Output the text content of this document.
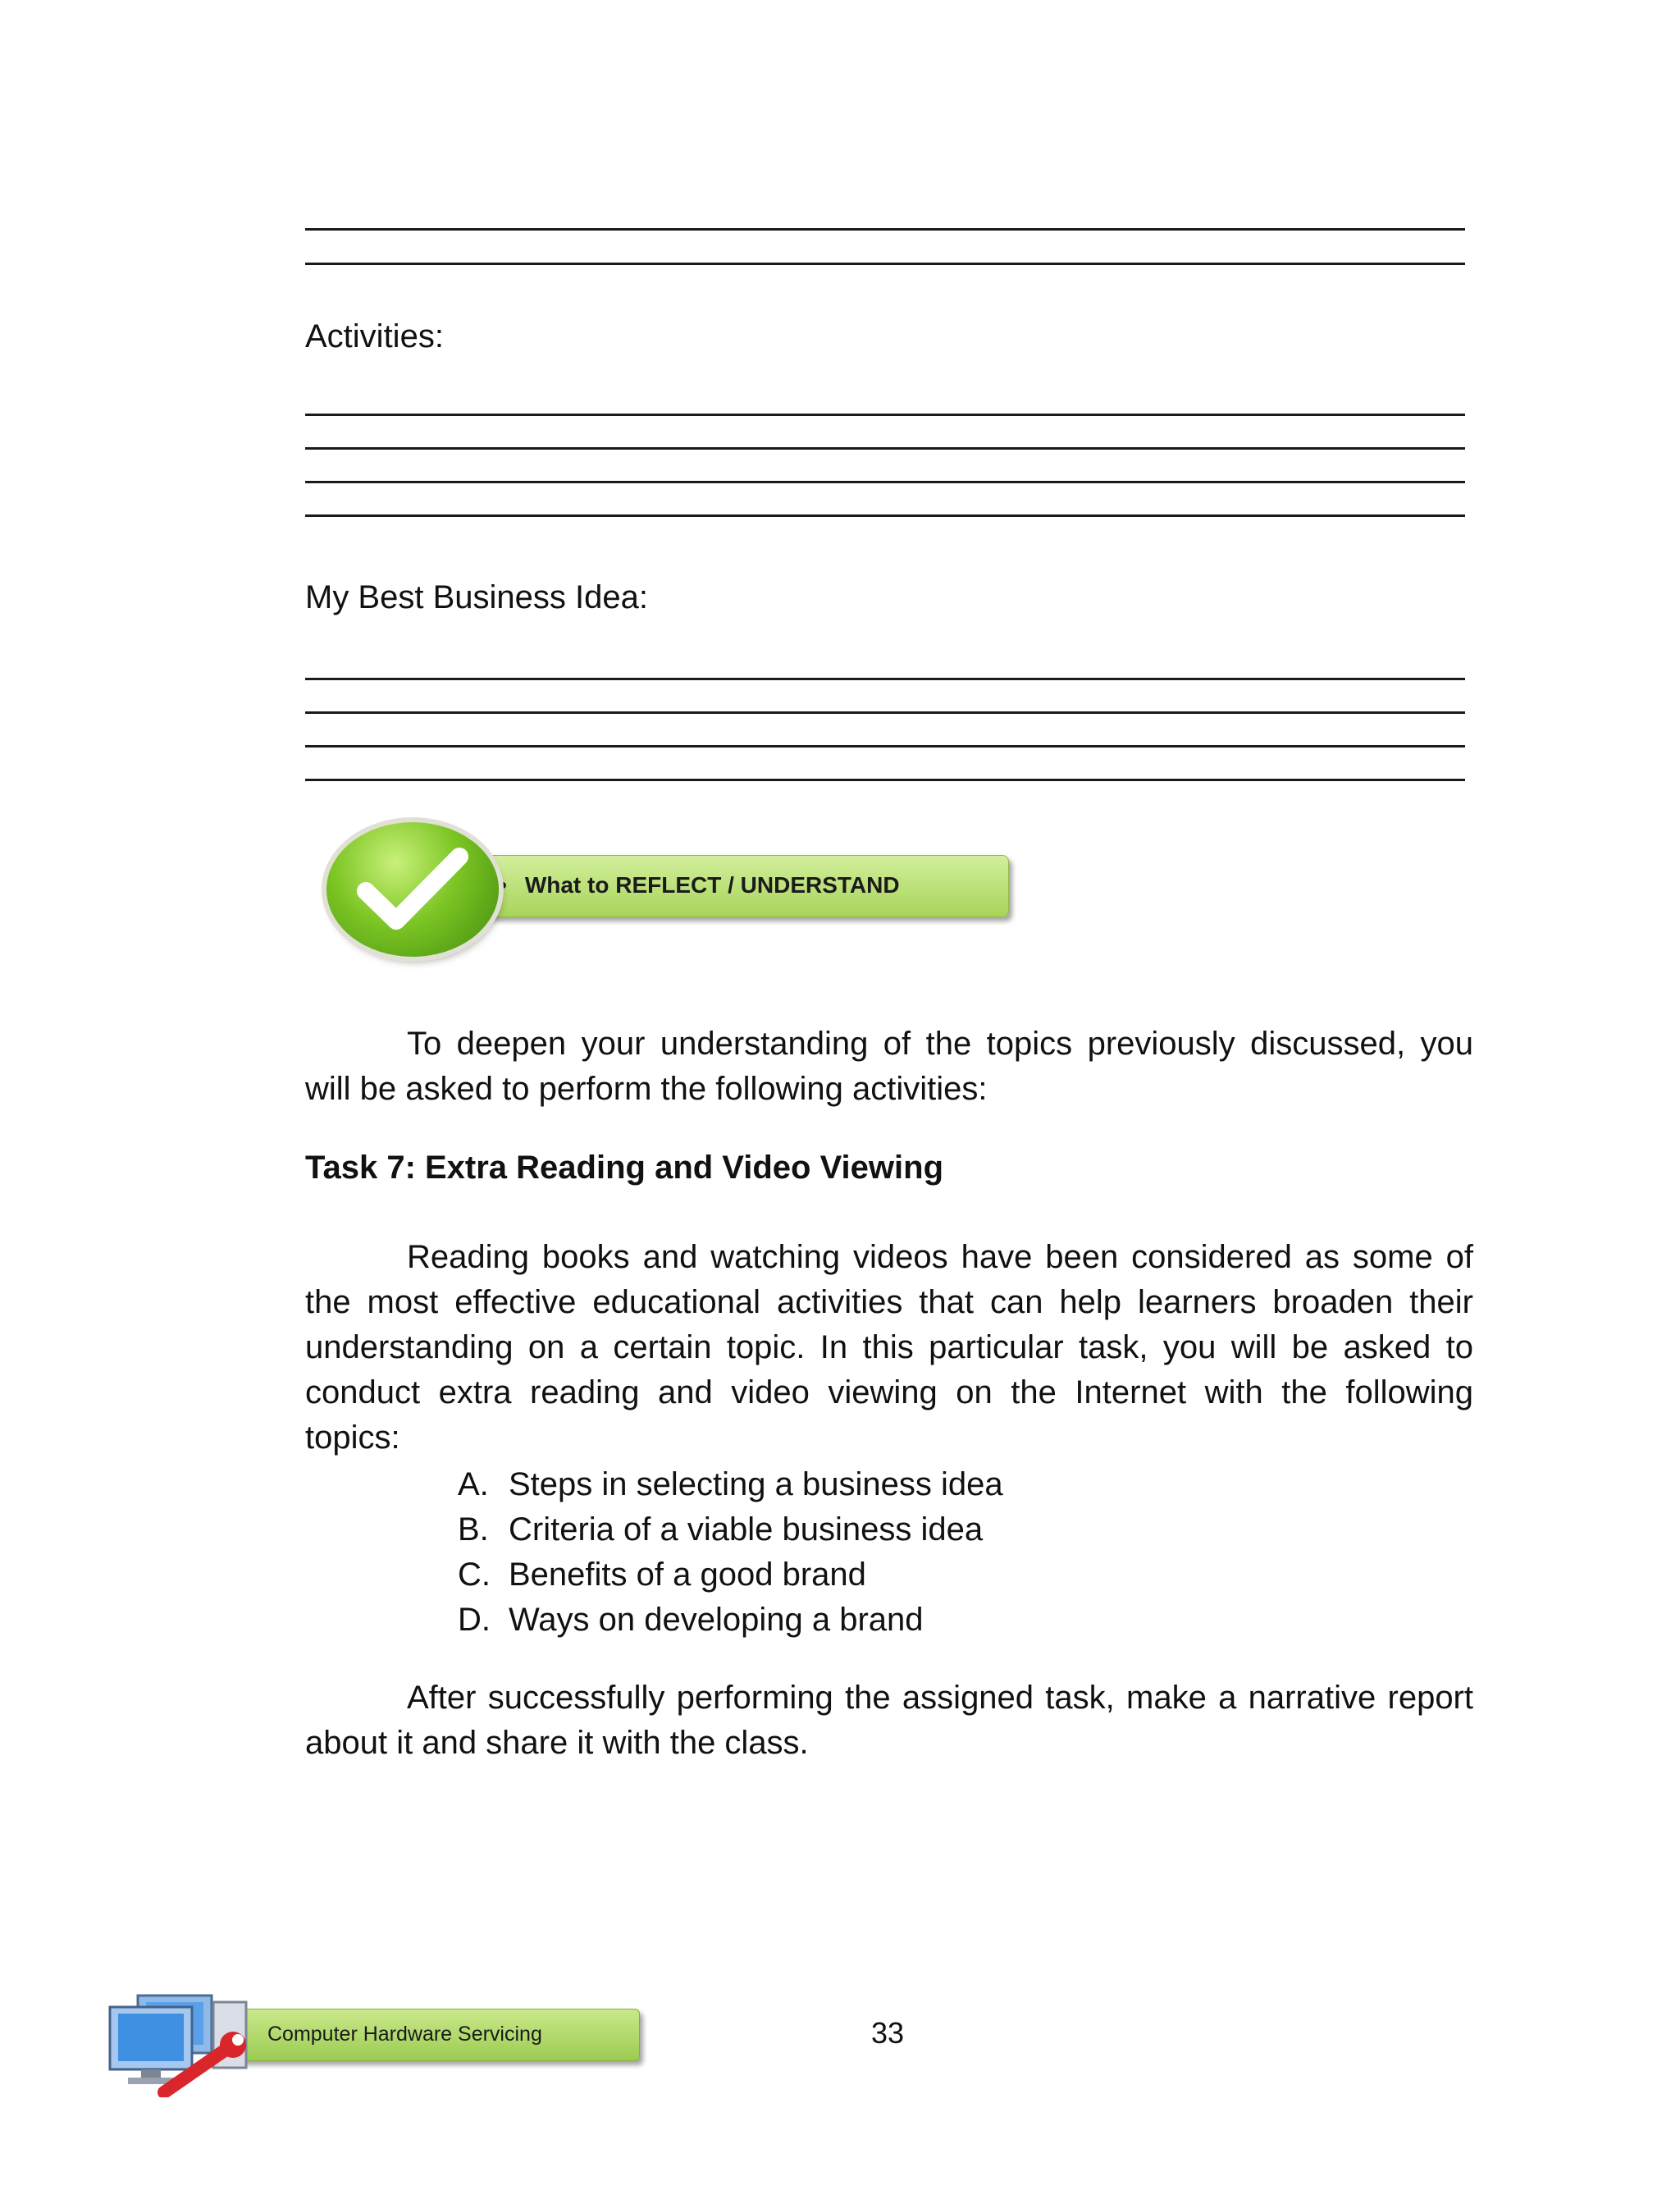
Activities:
My Best Business Idea:
• What to REFLECT / UNDERSTAND
To deepen your understanding of the topics previously discussed, you will be asked to perform the following activities:
Task 7: Extra Reading and Video Viewing
Reading books and watching videos have been considered as some of the most effective educational activities that can help learners broaden their understanding on a certain topic. In this particular task, you will be asked to conduct extra reading and video viewing on the Internet with the following topics:
A. Steps in selecting a business idea
B. Criteria of a viable business idea
C. Benefits of a good brand
D. Ways on developing a brand
After successfully performing the assigned task, make a narrative report about it and share it with the class.
Computer Hardware Servicing	33
